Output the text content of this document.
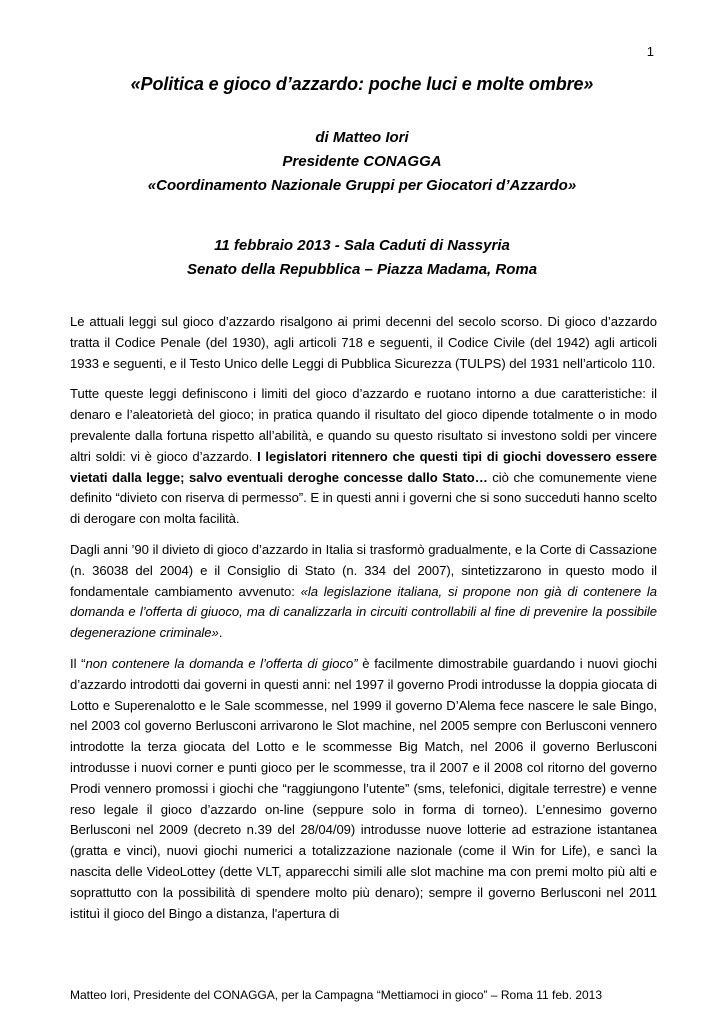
1
«Politica e gioco d’azzardo: poche luci e molte ombre»
di Matteo Iori
Presidente CONAGGA
«Coordinamento Nazionale Gruppi per Giocatori d’Azzardo»
11 febbraio 2013 - Sala Caduti di Nassyria
Senato della Repubblica – Piazza Madama, Roma

Le attuali leggi sul gioco d’azzardo risalgono ai primi decenni del secolo scorso. Di gioco d’azzardo tratta il Codice Penale (del 1930), agli articoli 718 e seguenti, il Codice Civile (del 1942) agli articoli 1933 e seguenti, e il Testo Unico delle Leggi di Pubblica Sicurezza (TULPS) del 1931 nell’articolo 110.

Tutte queste leggi definiscono i limiti del gioco d’azzardo e ruotano intorno a due caratteristiche: il denaro e l’aleatorietà del gioco; in pratica quando il risultato del gioco dipende totalmente o in modo prevalente dalla fortuna rispetto all’abilità, e quando su questo risultato si investono soldi per vincere altri soldi: vi è gioco d’azzardo. I legislatori ritennero che questi tipi di giochi dovessero essere vietati dalla legge; salvo eventuali deroghe concesse dallo Stato… ciò che comunemente viene definito “divieto con riserva di permesso”. E in questi anni i governi che si sono succeduti hanno scelto di derogare con molta facilità.

Dagli anni ’90 il divieto di gioco d’azzardo in Italia si trasformò gradualmente, e la Corte di Cassazione (n. 36038 del 2004) e il Consiglio di Stato (n. 334 del 2007), sintetizzarono in questo modo il fondamentale cambiamento avvenuto: «la legislazione italiana, si propone non già di contenere la domanda e l’offerta di giuoco, ma di canalizzarla in circuiti controllabili al fine di prevenire la possibile degenerazione criminale».

Il “non contenere la domanda e l’offerta di gioco” è facilmente dimostrabile guardando i nuovi giochi d’azzardo introdotti dai governi in questi anni: nel 1997 il governo Prodi introdusse la doppia giocata di Lotto e Superenalotto e le Sale scommesse, nel 1999 il governo D’Alema fece nascere le sale Bingo, nel 2003 col governo Berlusconi arrivarono le Slot machine, nel 2005 sempre con Berlusconi vennero introdotte la terza giocata del Lotto e le scommesse Big Match, nel 2006 il governo Berlusconi introdusse i nuovi corner e punti gioco per le scommesse, tra il 2007 e il 2008 col ritorno del governo Prodi vennero promossi i giochi che “raggiungono l’utente” (sms, telefonici, digitale terrestre) e venne reso legale il gioco d’azzardo on-line (seppure solo in forma di torneo). L’ennesimo governo Berlusconi nel 2009 (decreto n.39 del 28/04/09) introdusse nuove lotterie ad estrazione istantanea (gratta e vinci), nuovi giochi numerici a totalizzazione nazionale (come il Win for Life), e sancì la nascita delle VideoLottey (dette VLT, apparecchi simili alle slot machine ma con premi molto più alti e soprattutto con la possibilità di spendere molto più denaro); sempre il governo Berlusconi nel 2011 istituì il gioco del Bingo a distanza, l'apertura di

Matteo Iori, Presidente del CONAGGA, per la Campagna “Mettiamoci in gioco” – Roma 11 feb. 2013
